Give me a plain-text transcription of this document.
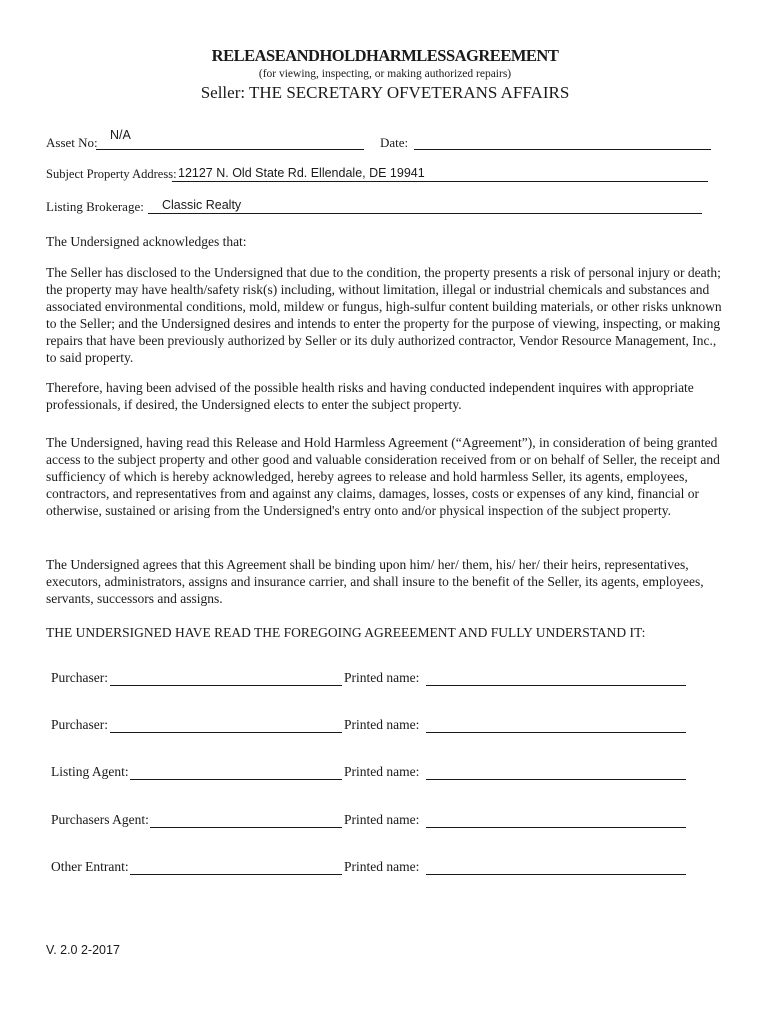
RELEASEANDHOLDHARMLESSAGREEMENT
(for viewing, inspecting, or making authorized repairs)
Seller: THE SECRETARY OFVETERANS AFFAIRS
Asset No: N/A	Date:
Subject Property Address: 12127 N. Old State Rd. Ellendale, DE 19941
Listing Brokerage: Classic Realty
The Undersigned acknowledges that:
The Seller has disclosed to the Undersigned that due to the condition, the property presents a risk of personal injury or death; the property may have health/safety risk(s) including, without limitation, illegal or industrial chemicals and substances and associated environmental conditions, mold, mildew or fungus, high-sulfur content building materials, or other risks unknown to the Seller; and the Undersigned desires and intends to enter the property for the purpose of viewing, inspecting, or making repairs that have been previously authorized by Seller or its duly authorized contractor, Vendor Resource Management, Inc., to said property.
Therefore, having been advised of the possible health risks and having conducted independent inquires with appropriate professionals, if desired, the Undersigned elects to enter the subject property.
The Undersigned, having read this Release and Hold Harmless Agreement (“Agreement”), in consideration of being granted access to the subject property and other good and valuable consideration received from or on behalf of Seller, the receipt and sufficiency of which is hereby acknowledged, hereby agrees to release and hold harmless Seller, its agents, employees, contractors, and representatives from and against any claims, damages, losses, costs or expenses of any kind, financial or otherwise, sustained or arising from the Undersigned's entry onto and/or physical inspection of the subject property.
The Undersigned agrees that this Agreement shall be binding upon him/ her/ them, his/ her/ their heirs, representatives, executors, administrators, assigns and insurance carrier, and shall insure to the benefit of the Seller, its agents, employees, servants, successors and assigns.
THE UNDERSIGNED HAVE READ THE FOREGOING AGREEEMENT AND FULLY UNDERSTAND IT:
Purchaser:	Printed name:
Purchaser:	Printed name:
Listing Agent:	Printed name:
Purchasers Agent:	Printed name:
Other Entrant:	Printed name:
V. 2.0 2-2017
